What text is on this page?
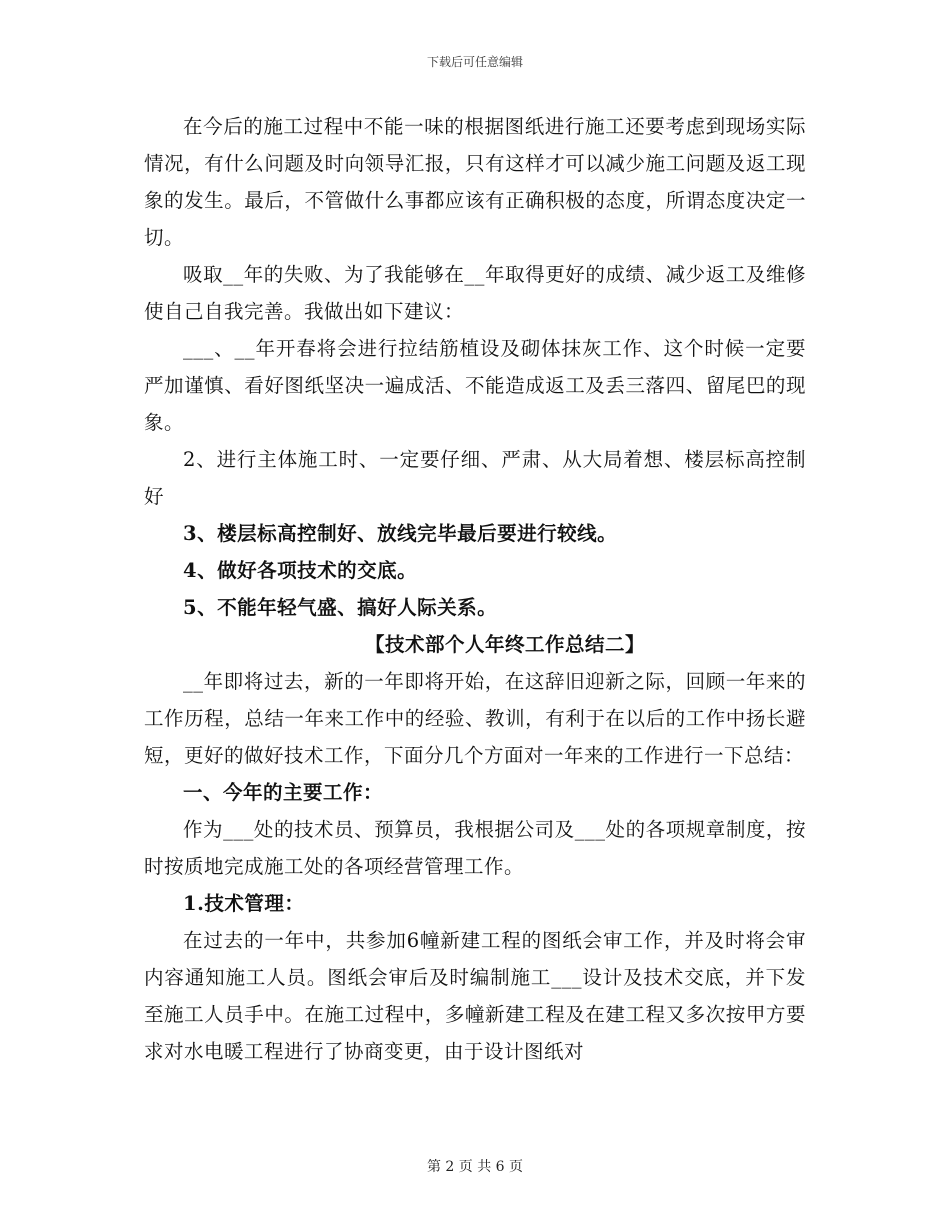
下载后可任意编辑

在今后的施工过程中不能一味的根据图纸进行施工还要考虑到现场实际情况，有什么问题及时向领导汇报，只有这样才可以减少施工问题及返工现象的发生。最后，不管做什么事都应该有正确积极的态度，所谓态度决定一切。

吸取__年的失败、为了我能够在__年取得更好的成绩、减少返工及维修使自己自我完善。我做出如下建议：

___、__年开春将会进行拉结筋植设及砌体抹灰工作、这个时候一定要严加谨慎、看好图纸坚决一遍成活、不能造成返工及丢三落四、留尾巴的现象。

2、进行主体施工时、一定要仔细、严肃、从大局着想、楼层标高控制好

3、楼层标高控制好、放线完毕最后要进行较线。

4、做好各项技术的交底。

5、不能年轻气盛、搞好人际关系。

【技术部个人年终工作总结二】

__年即将过去，新的一年即将开始，在这辞旧迎新之际，回顾一年来的工作历程，总结一年来工作中的经验、教训，有利于在以后的工作中扬长避短，更好的做好技术工作，下面分几个方面对一年来的工作进行一下总结：

一、今年的主要工作：

作为___处的技术员、预算员，我根据公司及___处的各项规章制度，按时按质地完成施工处的各项经营管理工作。

1.技术管理：

在过去的一年中，共参加6幢新建工程的图纸会审工作，并及时将会审内容通知施工人员。图纸会审后及时编制施工___设计及技术交底，并下发至施工人员手中。在施工过程中，多幢新建工程及在建工程又多次按甲方要求对水电暖工程进行了协商变更，由于设计图纸对

第 2 页 共 6 页
